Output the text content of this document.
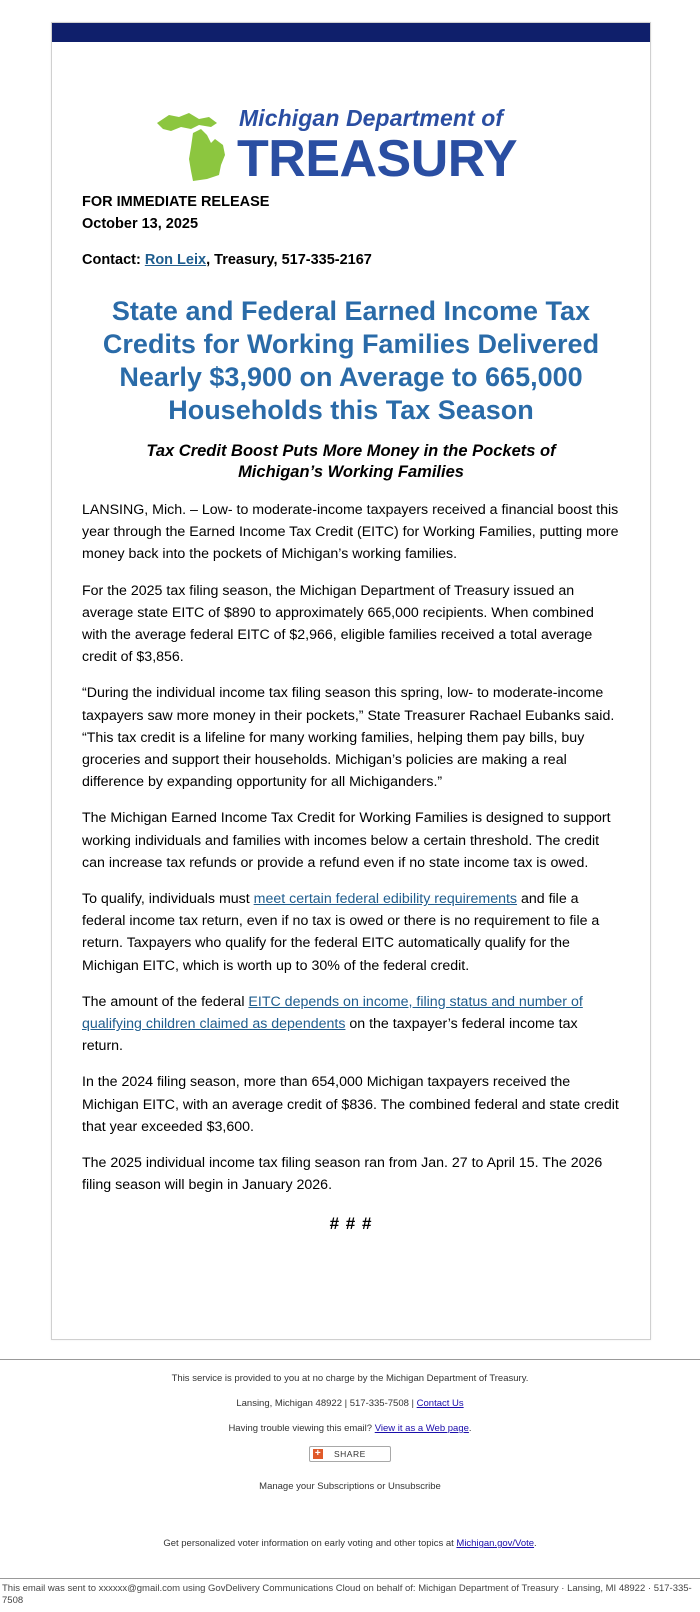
Michigan Department of
TREASURY

FOR IMMEDIATE RELEASE

October 13, 2025

Contact: Ron Leix, Treasury, 517-335-2167

State and Federal Earned Income Tax Credits for Working Families Delivered Nearly $3,900 on Average to 665,000 Households this Tax Season
Tax Credit Boost Puts More Money in the Pockets of Michigan’s Working Families

LANSING, Mich. – Low- to moderate-income taxpayers received a financial boost this year through the Earned Income Tax Credit (EITC) for Working Families, putting more money back into the pockets of Michigan’s working families.

For the 2025 tax filing season, the Michigan Department of Treasury issued an average state EITC of $890 to approximately 665,000 recipients. When combined with the average federal EITC of $2,966, eligible families received a total average credit of $3,856.

“During the individual income tax filing season this spring, low- to moderate-income taxpayers saw more money in their pockets,” State Treasurer Rachael Eubanks said. “This tax credit is a lifeline for many working families, helping them pay bills, buy groceries and support their households. Michigan’s policies are making a real difference by expanding opportunity for all Michiganders.”

The Michigan Earned Income Tax Credit for Working Families is designed to support working individuals and families with incomes below a certain threshold. The credit can increase tax refunds or provide a refund even if no state income tax is owed.

To qualify, individuals must meet certain federal edibility requirements and file a federal income tax return, even if no tax is owed or there is no requirement to file a return. Taxpayers who qualify for the federal EITC automatically qualify for the Michigan EITC, which is worth up to 30% of the federal credit.

The amount of the federal EITC depends on income, filing status and number of qualifying children claimed as dependents on the taxpayer’s federal income tax return.

In the 2024 filing season, more than 654,000 Michigan taxpayers received the Michigan EITC, with an average credit of $836. The combined federal and state credit that year exceeded $3,600.

The 2025 individual income tax filing season ran from Jan. 27 to April 15. The 2026 filing season will begin in January 2026.

# # #

This service is provided to you at no charge by the Michigan Department of Treasury.

Lansing, Michigan 48922 | 517-335-7508 | Contact Us

Having trouble viewing this email? View it as a Web page.

+ SHARE

Manage your Subscriptions or Unsubscribe

Get personalized voter information on early voting and other topics at Michigan.gov/Vote.

This email was sent to xxxxxx@gmail.com using GovDelivery Communications Cloud on behalf of: Michigan Department of Treasury · Lansing, MI 48922 · 517-335-7508
